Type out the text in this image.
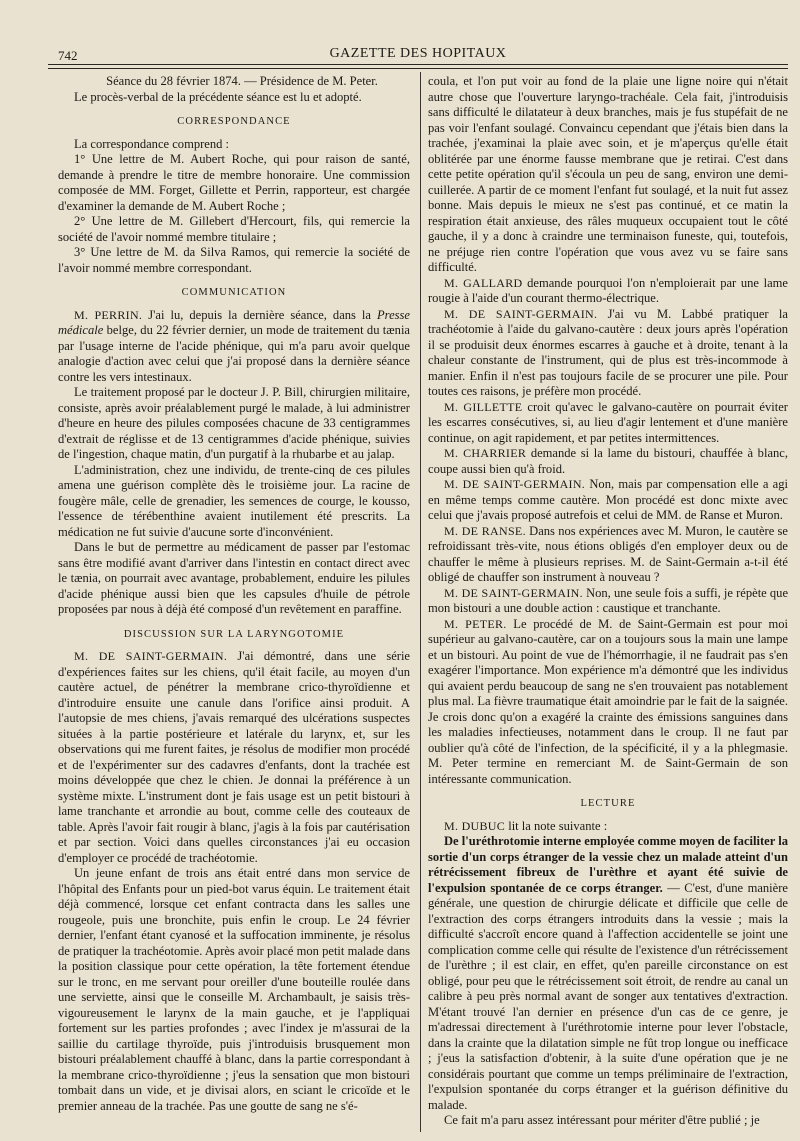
742	GAZETTE DES HOPITAUX

Séance du 28 février 1874. — Présidence de M. Peter.

Le procès-verbal de la précédente séance est lu et adopté.

CORRESPONDANCE

La correspondance comprend :

1° Une lettre de M. Aubert Roche, qui pour raison de santé, demande à prendre le titre de membre honoraire. Une commission composée de MM. Forget, Gillette et Perrin, rapporteur, est chargée d'examiner la demande de M. Aubert Roche ;

2° Une lettre de M. Gillebert d'Hercourt, fils, qui remercie la société de l'avoir nommé membre titulaire ;

3° Une lettre de M. da Silva Ramos, qui remercie la société de l'avoir nommé membre correspondant.

COMMUNICATION

M. PERRIN. J'ai lu, depuis la dernière séance, dans la Presse médicale belge, du 22 février dernier, un mode de traitement du tænia par l'usage interne de l'acide phénique, qui m'a paru avoir quelque analogie d'action avec celui que j'ai proposé dans la dernière séance contre les vers intestinaux.

Le traitement proposé par le docteur J. P. Bill, chirurgien militaire, consiste, après avoir préalablement purgé le malade, à lui administrer d'heure en heure des pilules composées chacune de 33 centigrammes d'extrait de réglisse et de 13 centigrammes d'acide phénique, suivies de l'ingestion, chaque matin, d'un purgatif à la rhubarbe et au jalap.

L'administration, chez une individu, de trente-cinq de ces pilules amena une guérison complète dès le troisième jour. La racine de fougère mâle, celle de grenadier, les semences de courge, le kousso, l'essence de térébenthine avaient inutilement été prescrits. La médication ne fut suivie d'aucune sorte d'inconvénient.

Dans le but de permettre au médicament de passer par l'estomac sans être modifié avant d'arriver dans l'intestin en contact direct avec le tænia, on pourrait avec avantage, probablement, enduire les pilules d'acide phénique aussi bien que les capsules d'huile de pétrole proposées par nous à déjà été composé d'un revêtement en paraffine.

DISCUSSION SUR LA LARYNGOTOMIE

M. DE SAINT-GERMAIN. J'ai démontré, dans une série d'expériences faites sur les chiens, qu'il était facile, au moyen d'un cautère actuel, de pénétrer la membrane crico-thyroïdienne et d'introduire ensuite une canule dans l'orifice ainsi produit. A l'autopsie de mes chiens, j'avais remarqué des ulcérations suspectes situées à la partie postérieure et latérale du larynx, et, sur les observations qui me furent faites, je résolus de modifier mon procédé et de l'expérimenter sur des cadavres d'enfants, dont la trachée est moins développée que chez le chien. Je donnai la préférence à un système mixte. L'instrument dont je fais usage est un petit bistouri à lame tranchante et arrondie au bout, comme celle des couteaux de table. Après l'avoir fait rougir à blanc, j'agis à la fois par cautérisation et par section. Voici dans quelles circonstances j'ai eu occasion d'employer ce procédé de trachéotomie.

Un jeune enfant de trois ans était entré dans mon service de l'hôpital des Enfants pour un pied-bot varus équin. Le traitement était déjà commencé, lorsque cet enfant contracta dans les salles une rougeole, puis une bronchite, puis enfin le croup. Le 24 février dernier, l'enfant étant cyanosé et la suffocation imminente, je résolus de pratiquer la trachéotomie. Après avoir placé mon petit malade dans la position classique pour cette opération, la tête fortement étendue sur le tronc, en me servant pour oreiller d'une bouteille roulée dans une serviette, ainsi que le conseille M. Archambault, je saisis très-vigoureusement le larynx de la main gauche, et je l'appliquai fortement sur les parties profondes ; avec l'index je m'assurai de la saillie du cartilage thyroïde, puis j'introduisis brusquement mon bistouri préalablement chauffé à blanc, dans la partie correspondant à la membrane crico-thyroïdienne ; j'eus la sensation que mon bistouri tombait dans un vide, et je divisai alors, en sciant le cricoïde et le premier anneau de la trachée. Pas une goutte de sang ne s'é-

coula, et l'on put voir au fond de la plaie une ligne noire qui n'était autre chose que l'ouverture laryngo-trachéale. Cela fait, j'introduisis sans difficulté le dilatateur à deux branches, mais je fus stupéfait de ne pas voir l'enfant soulagé. Convaincu cependant que j'étais bien dans la trachée, j'examinai la plaie avec soin, et je m'aperçus qu'elle était oblitérée par une énorme fausse membrane que je retirai. C'est dans cette petite opération qu'il s'écoula un peu de sang, environ une demi-cuillerée. A partir de ce moment l'enfant fut soulagé, et la nuit fut assez bonne. Mais depuis le mieux ne s'est pas continué, et ce matin la respiration était anxieuse, des râles muqueux occupaient tout le côté gauche, il y a donc à craindre une terminaison funeste, qui, toutefois, ne préjuge rien contre l'opération que vous avez vu se faire sans difficulté.

M. GALLARD demande pourquoi l'on n'emploierait par une lame rougie à l'aide d'un courant thermo-électrique.

M. DE SAINT-GERMAIN. J'ai vu M. Labbé pratiquer la trachéotomie à l'aide du galvano-cautère : deux jours après l'opération il se produisit deux énormes escarres à gauche et à droite, tenant à la chaleur constante de l'instrument, qui de plus est très-incommode à manier. Enfin il n'est pas toujours facile de se procurer une pile. Pour toutes ces raisons, je préfère mon procédé.

M. GILLETTE croit qu'avec le galvano-cautère on pourrait éviter les escarres consécutives, si, au lieu d'agir lentement et d'une manière continue, on agit rapidement, et par petites intermittences.

M. CHARRIER demande si la lame du bistouri, chauffée à blanc, coupe aussi bien qu'à froid.

M. DE SAINT-GERMAIN. Non, mais par compensation elle a agi en même temps comme cautère. Mon procédé est donc mixte avec celui que j'avais proposé autrefois et celui de MM. de Ranse et Muron.

M. DE RANSE. Dans nos expériences avec M. Muron, le cautère se refroidissant très-vite, nous étions obligés d'en employer deux ou de chauffer le même à plusieurs reprises. M. de Saint-Germain a-t-il été obligé de chauffer son instrument à nouveau ?

M. DE SAINT-GERMAIN. Non, une seule fois a suffi, je répète que mon bistouri a une double action : caustique et tranchante.

M. PETER. Le procédé de M. de Saint-Germain est pour moi supérieur au galvano-cautère, car on a toujours sous la main une lampe et un bistouri. Au point de vue de l'hémorrhagie, il ne faudrait pas s'en exagérer l'importance. Mon expérience m'a démontré que les individus qui avaient perdu beaucoup de sang ne s'en trouvaient pas notablement plus mal. La fièvre traumatique était amoindrie par le fait de la saignée. Je crois donc qu'on a exagéré la crainte des émissions sanguines dans les maladies infectieuses, notamment dans le croup. Il ne faut par oublier qu'à côté de l'infection, de la spécificité, il y a la phlegmasie. M. Peter termine en remerciant M. de Saint-Germain de son intéressante communication.

LECTURE

M. DUBUC lit la note suivante :

De l'uréthrotomie interne employée comme moyen de faciliter la sortie d'un corps étranger de la vessie chez un malade atteint d'un rétrécissement fibreux de l'urèthre et ayant été suivie de l'expulsion spontanée de ce corps étranger. — C'est, d'une manière générale, une question de chirurgie délicate et difficile que celle de l'extraction des corps étrangers introduits dans la vessie ; mais la difficulté s'accroît encore quand à l'affection accidentelle se joint une complication comme celle qui résulte de l'existence d'un rétrécissement de l'urèthre ; il est clair, en effet, qu'en pareille circonstance on est obligé, pour peu que le rétrécissement soit étroit, de rendre au canal un calibre à peu près normal avant de songer aux tentatives d'extraction. M'étant trouvé l'an dernier en présence d'un cas de ce genre, je m'adressai directement à l'uréthrotomie interne pour lever l'obstacle, dans la crainte que la dilatation simple ne fût trop longue ou inefficace ; j'eus la satisfaction d'obtenir, à la suite d'une opération que je ne considérais pourtant que comme un temps préliminaire de l'extraction, l'expulsion spontanée du corps étranger et la guérison définitive du malade.

Ce fait m'a paru assez intéressant pour mériter d'être publié ; je
